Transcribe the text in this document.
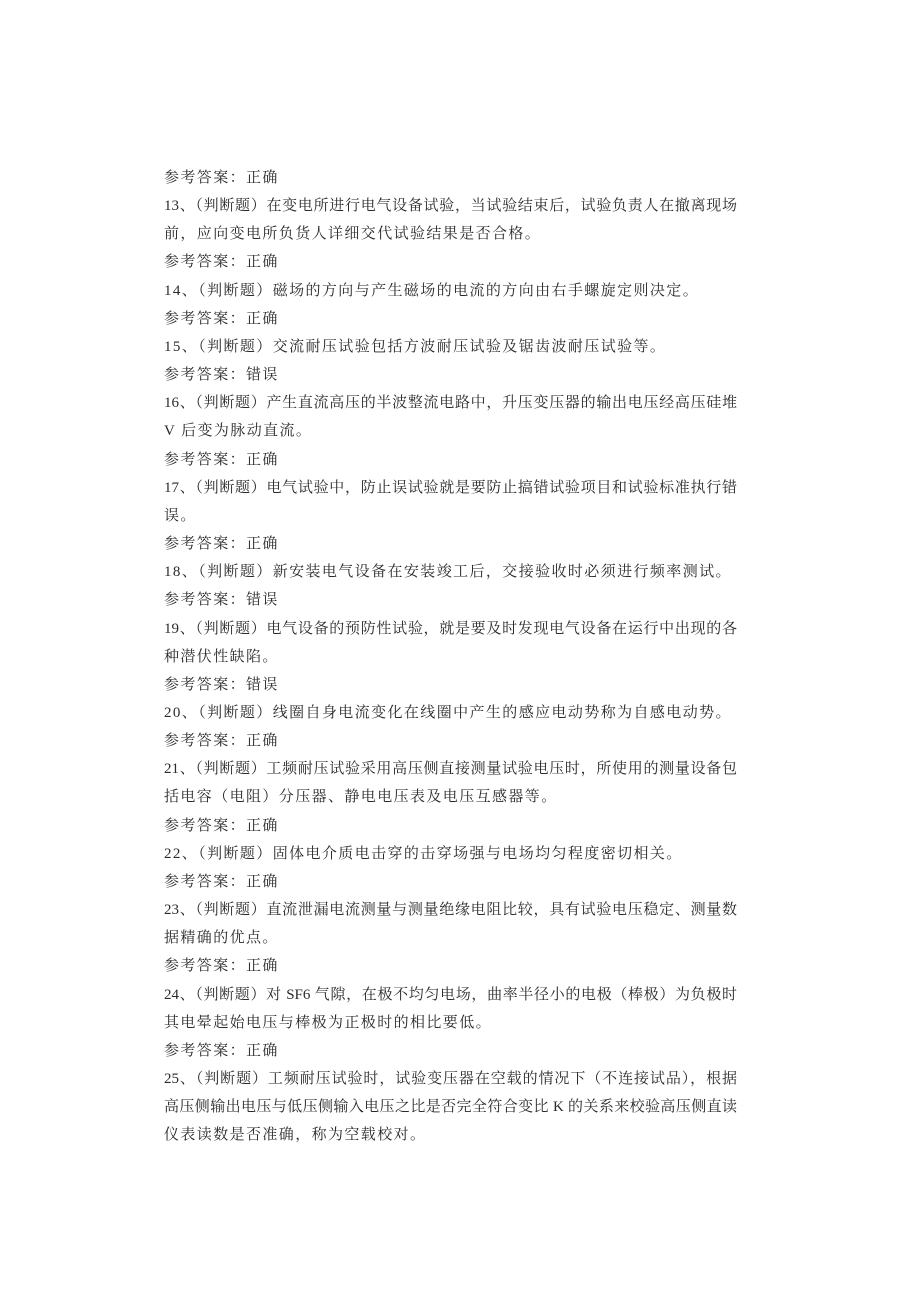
参考答案：正确
13、（判断题）在变电所进行电气设备试验，当试验结束后，试验负责人在撤离现场
前，应向变电所负货人详细交代试验结果是否合格。
参考答案：正确
14、（判断题）磁场的方向与产生磁场的电流的方向由右手螺旋定则决定。
参考答案：正确
15、（判断题）交流耐压试验包括方波耐压试验及锯齿波耐压试验等。
参考答案：错误
16、（判断题）产生直流高压的半波整流电路中，升压变压器的输出电压经高压硅堆
V 后变为脉动直流。
参考答案：正确
17、（判断题）电气试验中，防止误试验就是要防止搞错试验项目和试验标准执行错
误。
参考答案：正确
18、（判断题）新安装电气设备在安装竣工后，交接验收时必须进行频率测试。
参考答案：错误
19、（判断题）电气设备的预防性试验，就是要及时发现电气设备在运行中出现的各
种潜伏性缺陷。
参考答案：错误
20、（判断题）线圈自身电流变化在线圈中产生的感应电动势称为自感电动势。
参考答案：正确
21、（判断题）工频耐压试验采用高压侧直接测量试验电压时，所使用的测量设备包
括电容（电阻）分压器、静电电压表及电压互感器等。
参考答案：正确
22、（判断题）固体电介质电击穿的击穿场强与电场均匀程度密切相关。
参考答案：正确
23、（判断题）直流泄漏电流测量与测量绝缘电阻比较，具有试验电压稳定、测量数
据精确的优点。
参考答案：正确
24、（判断题）对 SF6 气隙，在极不均匀电场，曲率半径小的电极（棒极）为负极时
其电晕起始电压与棒极为正极时的相比要低。
参考答案：正确
25、（判断题）工频耐压试验时，试验变压器在空载的情况下（不连接试品），根据
高压侧输出电压与低压侧输入电压之比是否完全符合变比 K 的关系来校验高压侧直读
仪表读数是否准确，称为空载校对。
